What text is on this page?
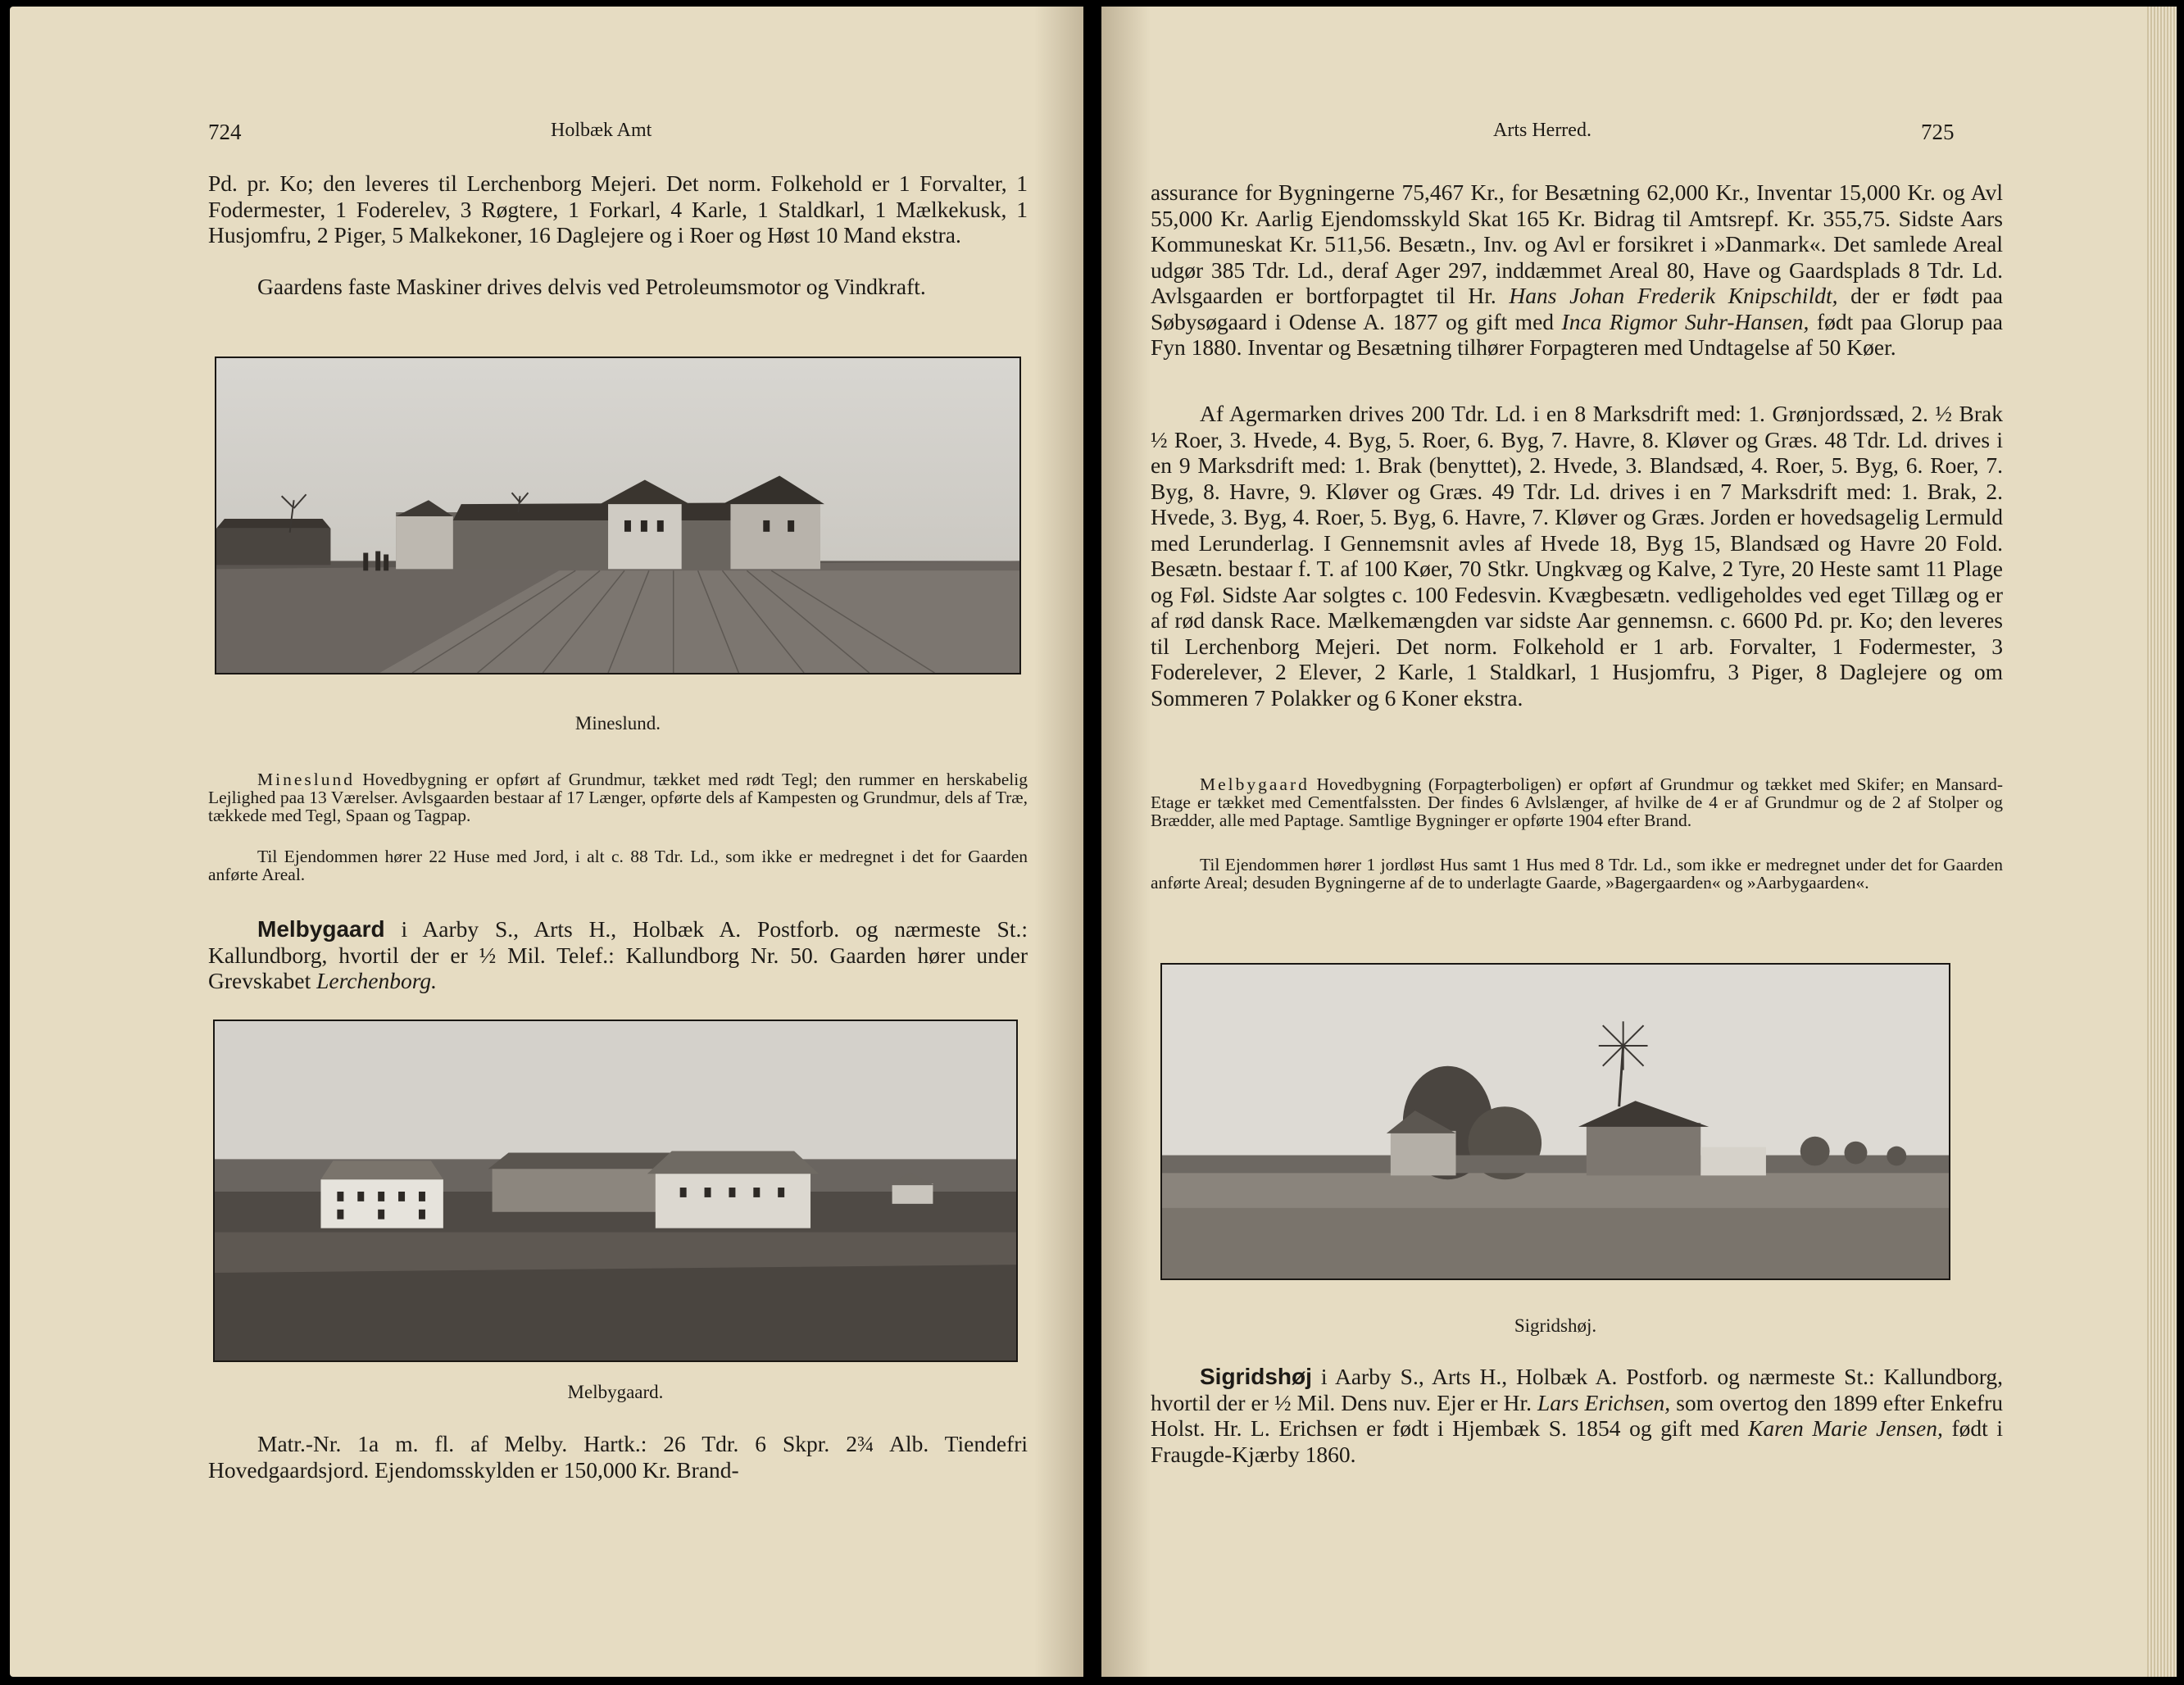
724	Holbæk Amt

Pd. pr. Ko; den leveres til Lerchenborg Mejeri. Det norm. Folkehold er 1 Forvalter, 1 Fodermester, 1 Foderelev, 3 Røgtere, 1 Forkarl, 4 Karle, 1 Staldkarl, 1 Mælkekusk, 1 Husjomfru, 2 Piger, 5 Malkekoner, 16 Daglejere og i Roer og Høst 10 Mand ekstra.

Gaardens faste Maskiner drives delvis ved Petroleumsmotor og Vindkraft.

Mineslund.

Mineslund Hovedbygning er opført af Grundmur, tækket med rødt Tegl; den rummer en herskabelig Lejlighed paa 13 Værelser. Avlsgaarden bestaar af 17 Længer, opførte dels af Kampesten og Grundmur, dels af Træ, tækkede med Tegl, Spaan og Tagpap.

Til Ejendommen hører 22 Huse med Jord, i alt c. 88 Tdr. Ld., som ikke er medregnet i det for Gaarden anførte Areal.

Melbygaard i Aarby S., Arts H., Holbæk A. Postforb. og nærmeste St.: Kallundborg, hvortil der er ½ Mil. Telef.: Kallundborg Nr. 50. Gaarden hører under Grevskabet Lerchenborg.

Melbygaard.

Matr.-Nr. 1a m. fl. af Melby. Hartk.: 26 Tdr. 6 Skpr. 2¾ Alb. Tiendefri Hovedgaardsjord. Ejendomsskylden er 150,000 Kr. Brand-

Arts Herred.	725

assurance for Bygningerne 75,467 Kr., for Besætning 62,000 Kr., Inventar 15,000 Kr. og Avl 55,000 Kr. Aarlig Ejendomsskyld Skat 165 Kr. Bidrag til Amtsrepf. Kr. 355,75. Sidste Aars Kommuneskat Kr. 511,56. Besætn., Inv. og Avl er forsikret i »Danmark«. Det samlede Areal udgør 385 Tdr. Ld., deraf Ager 297, inddæmmet Areal 80, Have og Gaardsplads 8 Tdr. Ld. Avlsgaarden er bortforpagtet til Hr. Hans Johan Frederik Knipschildt, der er født paa Søbysøgaard i Odense A. 1877 og gift med Inca Rigmor Suhr-Hansen, født paa Glorup paa Fyn 1880. Inventar og Besætning tilhører Forpagteren med Undtagelse af 50 Køer.

Af Agermarken drives 200 Tdr. Ld. i en 8 Marksdrift med: 1. Grønjordssæd, 2. ½ Brak ½ Roer, 3. Hvede, 4. Byg, 5. Roer, 6. Byg, 7. Havre, 8. Kløver og Græs. 48 Tdr. Ld. drives i en 9 Marksdrift med: 1. Brak (benyttet), 2. Hvede, 3. Blandsæd, 4. Roer, 5. Byg, 6. Roer, 7. Byg, 8. Havre, 9. Kløver og Græs. 49 Tdr. Ld. drives i en 7 Marksdrift med: 1. Brak, 2. Hvede, 3. Byg, 4. Roer, 5. Byg, 6. Havre, 7. Kløver og Græs. Jorden er hovedsagelig Lermuld med Lerunderlag. I Gennemsnit avles af Hvede 18, Byg 15, Blandsæd og Havre 20 Fold. Besætn. bestaar f. T. af 100 Køer, 70 Stkr. Ungkvæg og Kalve, 2 Tyre, 20 Heste samt 11 Plage og Føl. Sidste Aar solgtes c. 100 Fedesvin. Kvægbesætn. vedligeholdes ved eget Tillæg og er af rød dansk Race. Mælkemængden var sidste Aar gennemsn. c. 6600 Pd. pr. Ko; den leveres til Lerchenborg Mejeri. Det norm. Folkehold er 1 arb. Forvalter, 1 Fodermester, 3 Foderelever, 2 Elever, 2 Karle, 1 Staldkarl, 1 Husjomfru, 3 Piger, 8 Daglejere og om Sommeren 7 Polakker og 6 Koner ekstra.

Melbygaard Hovedbygning (Forpagterboligen) er opført af Grundmur og tækket med Skifer; en Mansard-Etage er tækket med Cementfalssten. Der findes 6 Avlslænger, af hvilke de 4 er af Grundmur og de 2 af Stolper og Brædder, alle med Paptage. Samtlige Bygninger er opførte 1904 efter Brand.

Til Ejendommen hører 1 jordløst Hus samt 1 Hus med 8 Tdr. Ld., som ikke er medregnet under det for Gaarden anførte Areal; desuden Bygningerne af de to underlagte Gaarde, »Bagergaarden« og »Aarbygaarden«.

Sigridshøj.

Sigridshøj i Aarby S., Arts H., Holbæk A. Postforb. og nærmeste St.: Kallundborg, hvortil der er ½ Mil. Dens nuv. Ejer er Hr. Lars Erichsen, som overtog den 1899 efter Enkefru Holst. Hr. L. Erichsen er født i Hjembæk S. 1854 og gift med Karen Marie Jensen, født i Fraugde-Kjærby 1860.
